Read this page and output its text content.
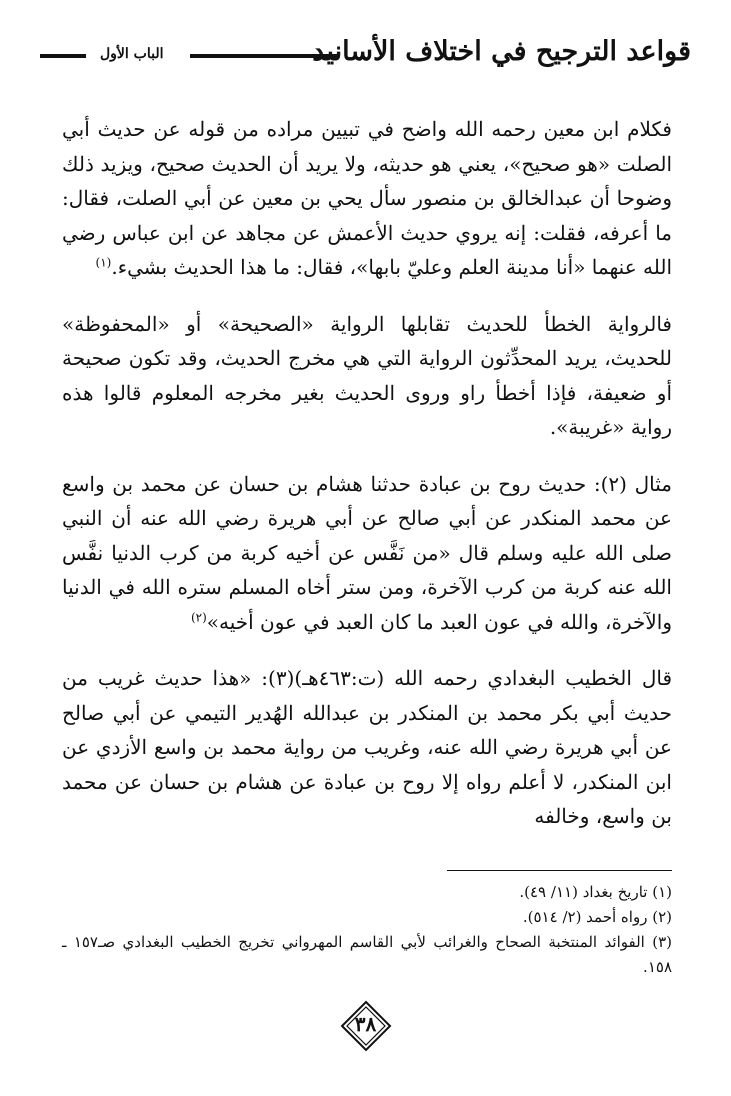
قواعد الترجيح في اختلاف الأسانيد
الباب الأول

فكلام ابن معين رحمه الله واضح في تبيين مراده من قوله عن حديث أبي الصلت «هو صحيح»، يعني هو حديثه، ولا يريد أن الحديث صحيح، ويزيد ذلك وضوحا أن عبدالخالق بن منصور سأل يحي بن معين عن أبي الصلت، فقال: ما أعرفه، فقلت: إنه يروي حديث الأعمش عن مجاهد عن ابن عباس رضي الله عنهما «أنا مدينة العلم وعليّ بابها»، فقال: ما هذا الحديث بشيء.$^{(١)}$

فالرواية الخطأ للحديث تقابلها الرواية «الصحيحة» أو «المحفوظة» للحديث، يريد المحدِّثون الرواية التي هي مخرج الحديث، وقد تكون صحيحة أو ضعيفة، فإذا أخطأ راو وروى الحديث بغير مخرجه المعلوم قالوا هذه رواية «غريبة».

مثال (٢): حديث روح بن عبادة حدثنا هشام بن حسان عن محمد بن واسع عن محمد المنكدر عن أبي صالح عن أبي هريرة رضي الله عنه أن النبي صلى الله عليه وسلم قال «من نَفَّس عن أخيه كربة من كرب الدنيا نفَّس الله عنه كربة من كرب الآخرة، ومن ستر أخاه المسلم ستره الله في الدنيا والآخرة، والله في عون العبد ما كان العبد في عون أخيه»$^{(٢)}$

قال الخطيب البغدادي رحمه الله (ت:٤٦٣هـ)(٣): «هذا حديث غريب من حديث أبي بكر محمد بن المنكدر بن عبدالله الهُدير التيمي عن أبي صالح عن أبي هريرة رضي الله عنه، وغريب من رواية محمد بن واسع الأزدي عن ابن المنكدر، لا أعلم رواه إلا روح بن عبادة عن هشام بن حسان عن محمد بن واسع، وخالفه

(١) تاريخ بغداد (١١/ ٤٩).

(٢) رواه أحمد (٢/ ٥١٤).

(٣) الفوائد المنتخبة الصحاح والغرائب لأبي القاسم المهرواني تخريج الخطيب البغدادي صـ١٥٧ ـ ١٥٨.

٣٨
